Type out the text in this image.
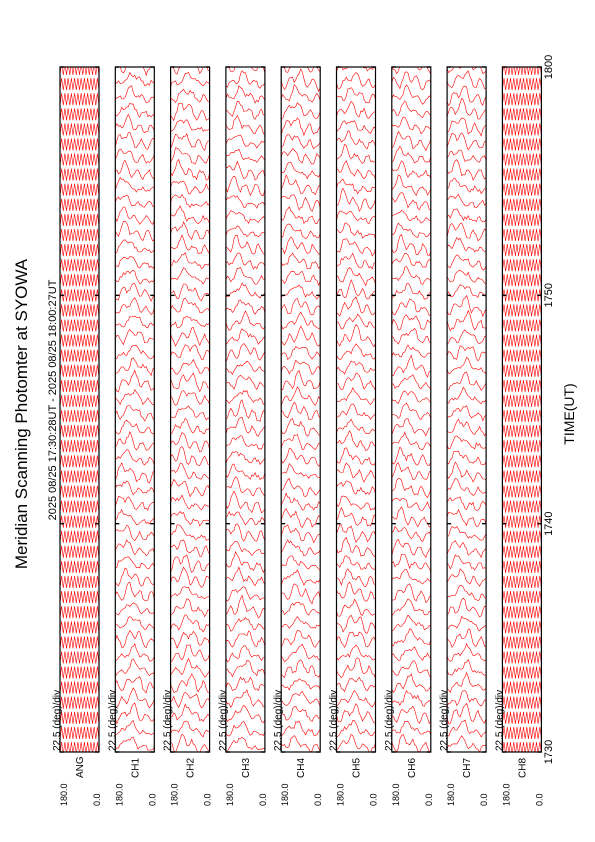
Meridian Scanning Photomter at SYOWA 2025 08/25 17:30:28UT - 2025 08/25 18:00:27UT	TIME(UT)
180.0	0.0
ANG
22.5 (deg)/div
180.0	0.0
CH1
22.5 (deg)/div
180.0	0.0
CH2
22.5 (deg)/div
180.0	0.0
CH3
22.5 (deg)/div
180.0	0.0
CH4
22.5 (deg)/div
180.0	0.0
CH5
22.5 (deg)/div
180.0	0.0
CH6
22.5 (deg)/div
180.0	0.0
CH7
22.5 (deg)/div
180.0	0.0
CH8
22.5 (deg)/div
1730
1740
1750
1800
